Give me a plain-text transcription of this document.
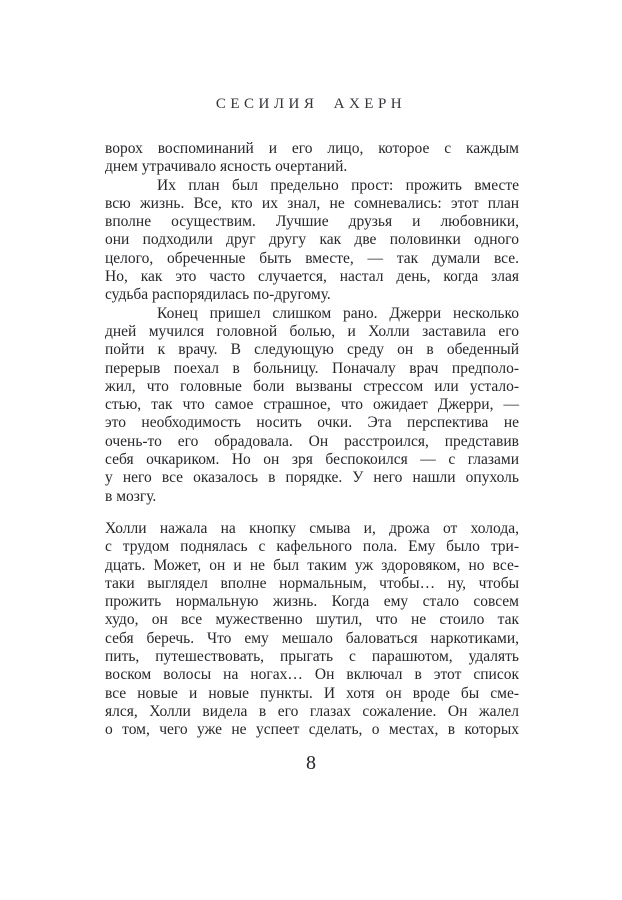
СЕСИЛИЯ АХЕРН
ворох воспоминаний и его лицо, которое с каждым
днем утрачивало ясность очертаний.
Их план был предельно прост: прожить вместе
всю жизнь. Все, кто их знал, не сомневались: этот план
вполне осуществим. Лучшие друзья и любовники,
они подходили друг другу как две половинки одного
целого, обреченные быть вместе, — так думали все.
Но, как это часто случается, настал день, когда злая
судьба распорядилась по-другому.
Конец пришел слишком рано. Джерри несколько
дней мучился головной болью, и Холли заставила его
пойти к врачу. В следующую среду он в обеденный
перерыв поехал в больницу. Поначалу врач предполо-
жил, что головные боли вызваны стрессом или устало-
стью, так что самое страшное, что ожидает Джерри, —
это необходимость носить очки. Эта перспектива не
очень-то его обрадовала. Он расстроился, представив
себя очкариком. Но он зря беспокоился — с глазами
у него все оказалось в порядке. У него нашли опухоль
в мозгу.
Холли нажала на кнопку смыва и, дрожа от холода,
с трудом поднялась с кафельного пола. Ему было три-
дцать. Может, он и не был таким уж здоровяком, но все-
таки выглядел вполне нормальным, чтобы… ну, чтобы
прожить нормальную жизнь. Когда ему стало совсем
худо, он все мужественно шутил, что не стоило так
себя беречь. Что ему мешало баловаться наркотиками,
пить, путешествовать, прыгать с парашютом, удалять
воском волосы на ногах… Он включал в этот список
все новые и новые пункты. И хотя он вроде бы сме-
ялся, Холли видела в его глазах сожаление. Он жалел
о том, чего уже не успеет сделать, о местах, в которых
8
